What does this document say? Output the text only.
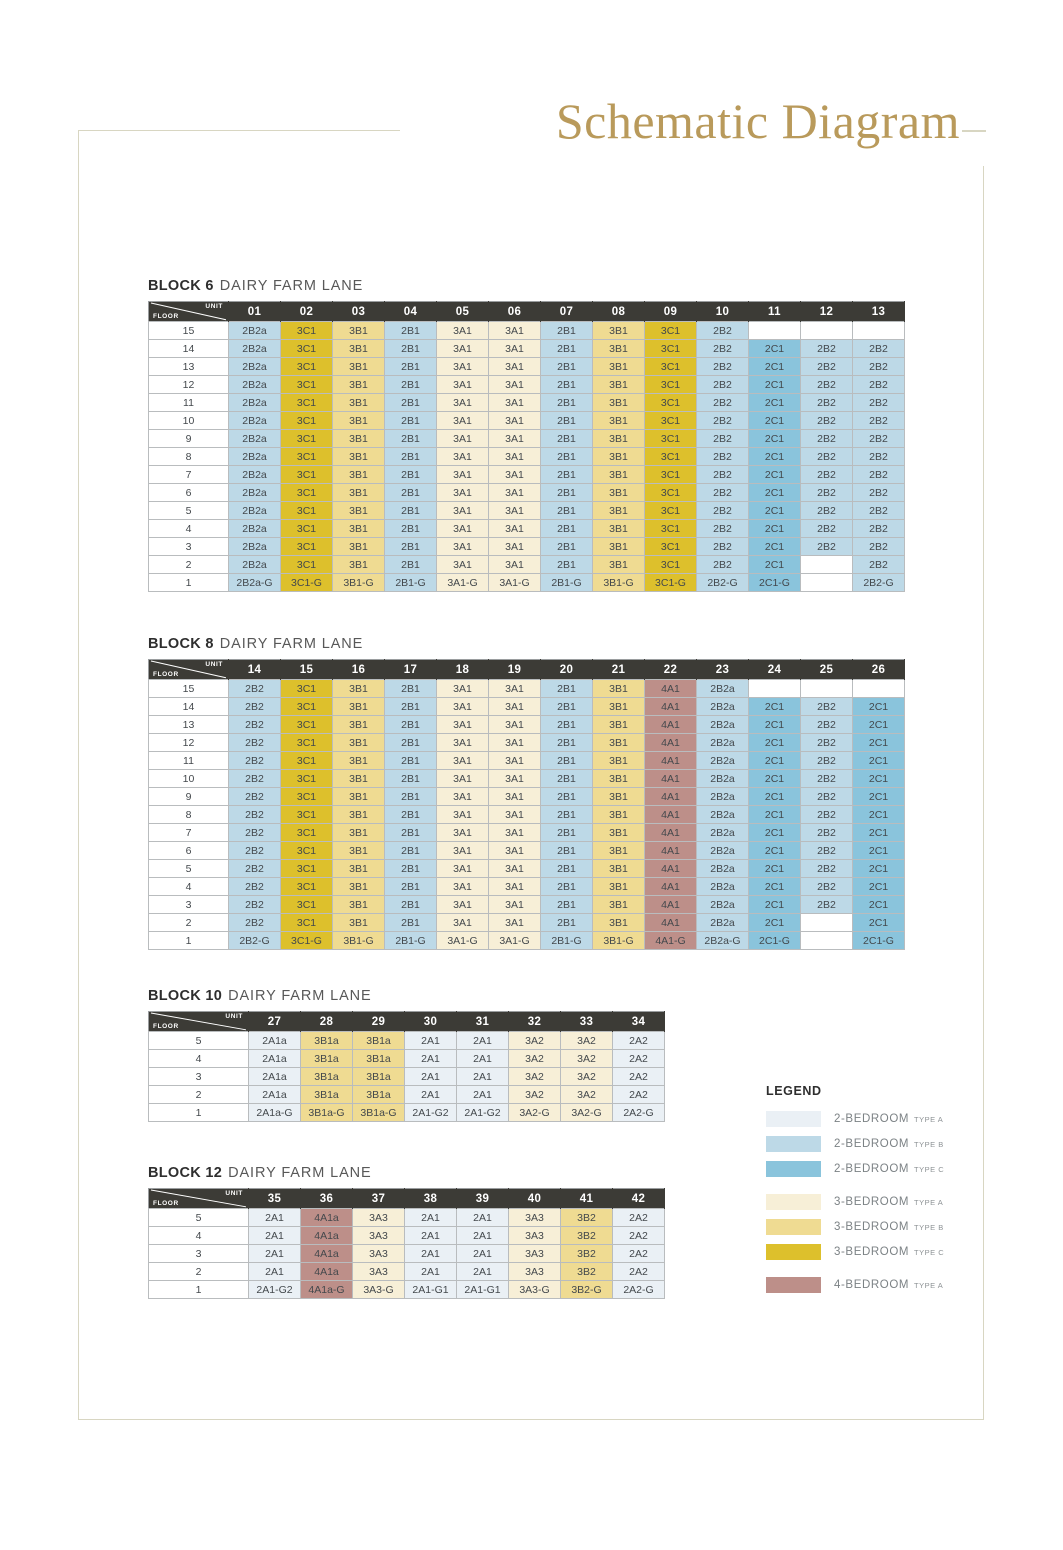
Schematic Diagram
BLOCK 6 DAIRY FARM LANE
FLOOR
UNIT	01	02	03	04	05	06	07	08	09	10	11	12	13
15	2B2a	3C1	3B1	2B1	3A1	3A1	2B1	3B1	3C1	2B2			
14	2B2a	3C1	3B1	2B1	3A1	3A1	2B1	3B1	3C1	2B2	2C1	2B2	2B2
13	2B2a	3C1	3B1	2B1	3A1	3A1	2B1	3B1	3C1	2B2	2C1	2B2	2B2
12	2B2a	3C1	3B1	2B1	3A1	3A1	2B1	3B1	3C1	2B2	2C1	2B2	2B2
11	2B2a	3C1	3B1	2B1	3A1	3A1	2B1	3B1	3C1	2B2	2C1	2B2	2B2
10	2B2a	3C1	3B1	2B1	3A1	3A1	2B1	3B1	3C1	2B2	2C1	2B2	2B2
9	2B2a	3C1	3B1	2B1	3A1	3A1	2B1	3B1	3C1	2B2	2C1	2B2	2B2
8	2B2a	3C1	3B1	2B1	3A1	3A1	2B1	3B1	3C1	2B2	2C1	2B2	2B2
7	2B2a	3C1	3B1	2B1	3A1	3A1	2B1	3B1	3C1	2B2	2C1	2B2	2B2
6	2B2a	3C1	3B1	2B1	3A1	3A1	2B1	3B1	3C1	2B2	2C1	2B2	2B2
5	2B2a	3C1	3B1	2B1	3A1	3A1	2B1	3B1	3C1	2B2	2C1	2B2	2B2
4	2B2a	3C1	3B1	2B1	3A1	3A1	2B1	3B1	3C1	2B2	2C1	2B2	2B2
3	2B2a	3C1	3B1	2B1	3A1	3A1	2B1	3B1	3C1	2B2	2C1	2B2	2B2
2	2B2a	3C1	3B1	2B1	3A1	3A1	2B1	3B1	3C1	2B2	2C1		2B2
1	2B2a-G	3C1-G	3B1-G	2B1-G	3A1-G	3A1-G	2B1-G	3B1-G	3C1-G	2B2-G	2C1-G		2B2-G
BLOCK 8 DAIRY FARM LANE
FLOOR
UNIT	14	15	16	17	18	19	20	21	22	23	24	25	26
15	2B2	3C1	3B1	2B1	3A1	3A1	2B1	3B1	4A1	2B2a			
14	2B2	3C1	3B1	2B1	3A1	3A1	2B1	3B1	4A1	2B2a	2C1	2B2	2C1
13	2B2	3C1	3B1	2B1	3A1	3A1	2B1	3B1	4A1	2B2a	2C1	2B2	2C1
12	2B2	3C1	3B1	2B1	3A1	3A1	2B1	3B1	4A1	2B2a	2C1	2B2	2C1
11	2B2	3C1	3B1	2B1	3A1	3A1	2B1	3B1	4A1	2B2a	2C1	2B2	2C1
10	2B2	3C1	3B1	2B1	3A1	3A1	2B1	3B1	4A1	2B2a	2C1	2B2	2C1
9	2B2	3C1	3B1	2B1	3A1	3A1	2B1	3B1	4A1	2B2a	2C1	2B2	2C1
8	2B2	3C1	3B1	2B1	3A1	3A1	2B1	3B1	4A1	2B2a	2C1	2B2	2C1
7	2B2	3C1	3B1	2B1	3A1	3A1	2B1	3B1	4A1	2B2a	2C1	2B2	2C1
6	2B2	3C1	3B1	2B1	3A1	3A1	2B1	3B1	4A1	2B2a	2C1	2B2	2C1
5	2B2	3C1	3B1	2B1	3A1	3A1	2B1	3B1	4A1	2B2a	2C1	2B2	2C1
4	2B2	3C1	3B1	2B1	3A1	3A1	2B1	3B1	4A1	2B2a	2C1	2B2	2C1
3	2B2	3C1	3B1	2B1	3A1	3A1	2B1	3B1	4A1	2B2a	2C1	2B2	2C1
2	2B2	3C1	3B1	2B1	3A1	3A1	2B1	3B1	4A1	2B2a	2C1		2C1
1	2B2-G	3C1-G	3B1-G	2B1-G	3A1-G	3A1-G	2B1-G	3B1-G	4A1-G	2B2a-G	2C1-G		2C1-G
BLOCK 10 DAIRY FARM LANE
FLOOR
UNIT	27	28	29	30	31	32	33	34
5	2A1a	3B1a	3B1a	2A1	2A1	3A2	3A2	2A2
4	2A1a	3B1a	3B1a	2A1	2A1	3A2	3A2	2A2
3	2A1a	3B1a	3B1a	2A1	2A1	3A2	3A2	2A2
2	2A1a	3B1a	3B1a	2A1	2A1	3A2	3A2	2A2
1	2A1a-G	3B1a-G	3B1a-G	2A1-G2	2A1-G2	3A2-G	3A2-G	2A2-G
BLOCK 12 DAIRY FARM LANE
FLOOR
UNIT	35	36	37	38	39	40	41	42
5	2A1	4A1a	3A3	2A1	2A1	3A3	3B2	2A2
4	2A1	4A1a	3A3	2A1	2A1	3A3	3B2	2A2
3	2A1	4A1a	3A3	2A1	2A1	3A3	3B2	2A2
2	2A1	4A1a	3A3	2A1	2A1	3A3	3B2	2A2
1	2A1-G2	4A1a-G	3A3-G	2A1-G1	2A1-G1	3A3-G	3B2-G	2A2-G
LEGEND
2-BEDROOM TYPE A
2-BEDROOM TYPE B
2-BEDROOM TYPE C
3-BEDROOM TYPE A
3-BEDROOM TYPE B
3-BEDROOM TYPE C
4-BEDROOM TYPE A
